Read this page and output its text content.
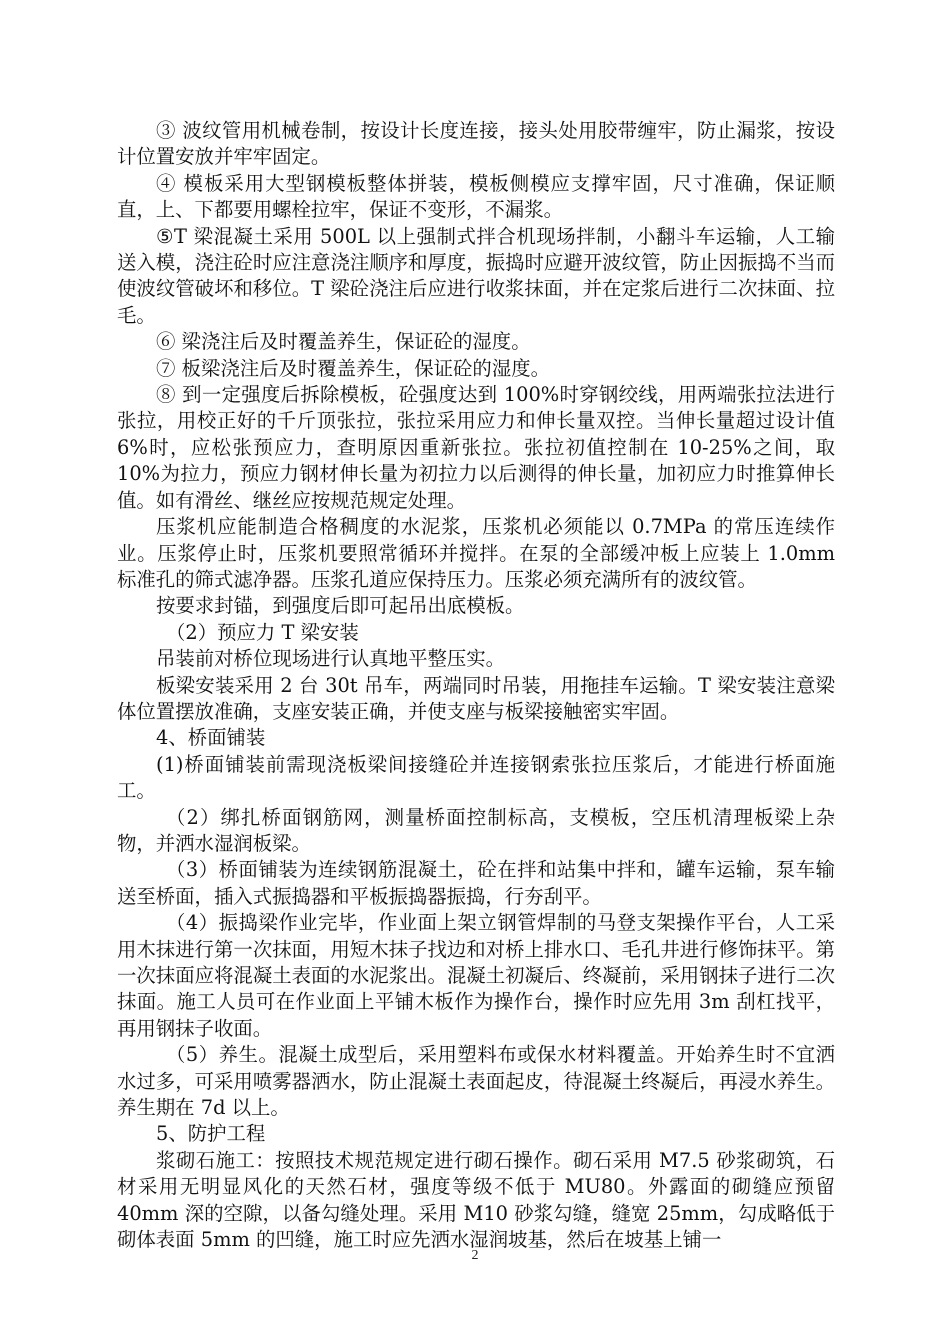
③ 波纹管用机械卷制，按设计长度连接，接头处用胶带缠牢，防止漏浆，按设计位置安放并牢牢固定。

④ 模板采用大型钢模板整体拼装，模板侧模应支撑牢固，尺寸准确，保证顺直，上、下都要用螺栓拉牢，保证不变形，不漏浆。

⑤T 梁混凝土采用 500L 以上强制式拌合机现场拌制，小翻斗车运输，人工输送入模，浇注砼时应注意浇注顺序和厚度，振捣时应避开波纹管，防止因振捣不当而使波纹管破坏和移位。T 梁砼浇注后应进行收浆抹面，并在定浆后进行二次抹面、拉毛。

⑥ 梁浇注后及时覆盖养生，保证砼的湿度。

⑦ 板梁浇注后及时覆盖养生，保证砼的湿度。

⑧ 到一定强度后拆除模板，砼强度达到 100%时穿钢绞线，用两端张拉法进行张拉，用校正好的千斤顶张拉，张拉采用应力和伸长量双控。当伸长量超过设计值 6%时，应松张预应力，查明原因重新张拉。张拉初值控制在 10-25%之间，取 10%为拉力，预应力钢材伸长量为初拉力以后测得的伸长量，加初应力时推算伸长值。如有滑丝、继丝应按规范规定处理。

压浆机应能制造合格稠度的水泥浆，压浆机必须能以 0.7MPa 的常压连续作业。压浆停止时，压浆机要照常循环并搅拌。在泵的全部缓冲板上应装上 1.0mm 标准孔的筛式滤净器。压浆孔道应保持压力。压浆必须充满所有的波纹管。

按要求封锚，到强度后即可起吊出底模板。

（2）预应力 T 梁安装

吊装前对桥位现场进行认真地平整压实。

板梁安装采用 2 台 30t 吊车，两端同时吊装，用拖挂车运输。T 梁安装注意梁体位置摆放准确，支座安装正确，并使支座与板梁接触密实牢固。

4、桥面铺装

(1)桥面铺装前需现浇板梁间接缝砼并连接钢索张拉压浆后，才能进行桥面施工。

（2）绑扎桥面钢筋网，测量桥面控制标高，支模板，空压机清理板梁上杂物，并洒水湿润板梁。

（3）桥面铺装为连续钢筋混凝土，砼在拌和站集中拌和，罐车运输，泵车输送至桥面，插入式振捣器和平板振捣器振捣，行夯刮平。

（4）振捣梁作业完毕，作业面上架立钢管焊制的马登支架操作平台，人工采用木抹进行第一次抹面，用短木抹子找边和对桥上排水口、毛孔井进行修饰抹平。第一次抹面应将混凝土表面的水泥浆出。混凝土初凝后、终凝前，采用钢抹子进行二次抹面。施工人员可在作业面上平铺木板作为操作台，操作时应先用 3m 刮杠找平，再用钢抹子收面。

（5）养生。混凝土成型后，采用塑料布或保水材料覆盖。开始养生时不宜洒水过多，可采用喷雾器洒水，防止混凝土表面起皮，待混凝土终凝后，再浸水养生。养生期在 7d 以上。

5、防护工程

浆砌石施工：按照技术规范规定进行砌石操作。砌石采用 M7.5 砂浆砌筑，石材采用无明显风化的天然石材，强度等级不低于 MU80。外露面的砌缝应预留 40mm 深的空隙，以备勾缝处理。采用 M10 砂浆勾缝，缝宽 25mm，勾成略低于砌体表面 5mm 的凹缝，施工时应先洒水湿润坡基，然后在坡基上铺一

2
